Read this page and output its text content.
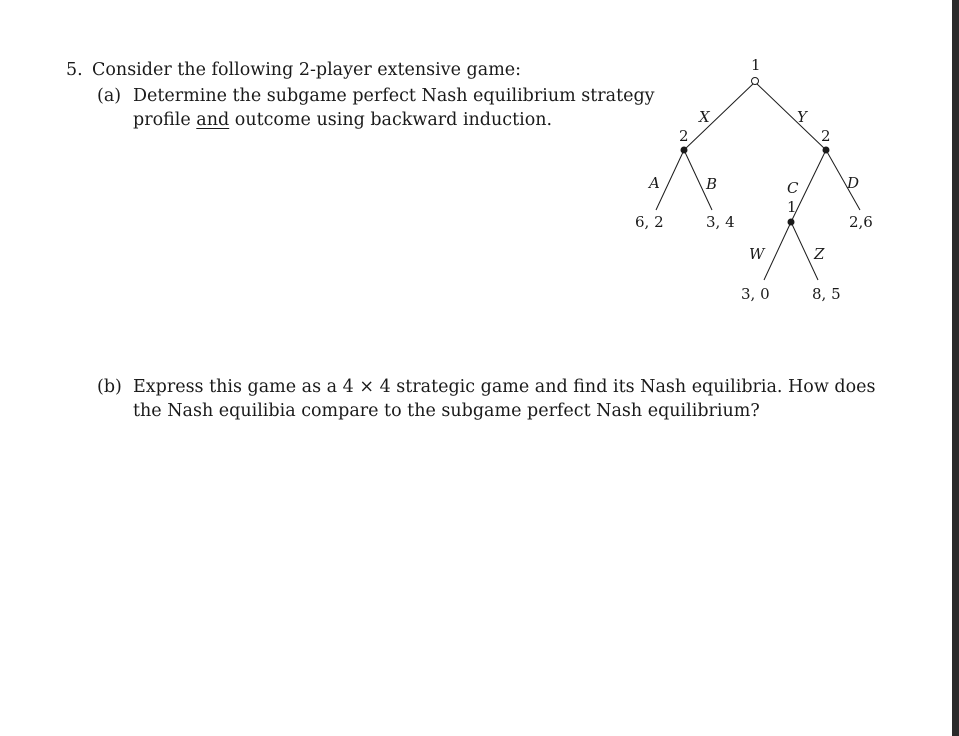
5. Consider the following 2-player extensive game:
(a) Determine the subgame perfect Nash equilibrium strategy
profile and outcome using backward induction.
(b) Express this game as a 4 × 4 strategic game and find its Nash equilibria. How does
the Nash equilibia compare to the subgame perfect Nash equilibrium?
1
2	2
1
X	Y
A	B	C	D
W	Z
6, 2	3, 4	2,6
3, 0	8, 5
